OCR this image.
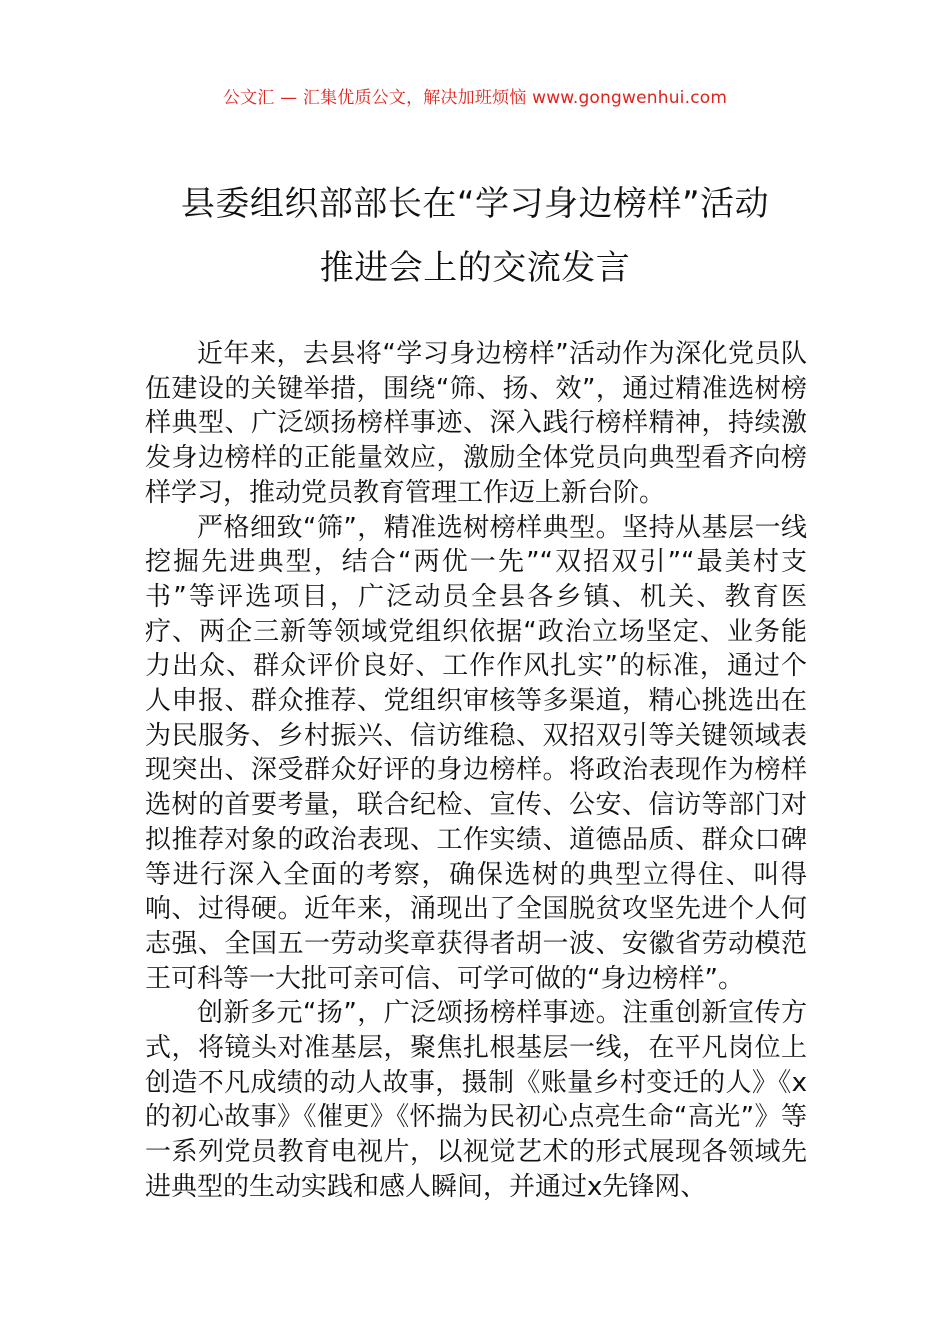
公文汇 — 汇集优质公文，解决加班烦恼 www.gongwenhui.com
县委组织部部长在“学习身边榜样”活动
推进会上的交流发言

近年来，去县将“学习身边榜样”活动作为深化党员队伍建设的关键举措，围绕“筛、扬、效”，通过精准选树榜样典型、广泛颂扬榜样事迹、深入践行榜样精神，持续激发身边榜样的正能量效应，激励全体党员向典型看齐向榜样学习，推动党员教育管理工作迈上新台阶。

严格细致“筛”，精准选树榜样典型。坚持从基层一线挖掘先进典型，结合“两优一先”“双招双引”“最美村支书”等评选项目，广泛动员全县各乡镇、机关、教育医疗、两企三新等领域党组织依据“政治立场坚定、业务能力出众、群众评价良好、工作作风扎实”的标准，通过个人申报、群众推荐、党组织审核等多渠道，精心挑选出在为民服务、乡村振兴、信访维稳、双招双引等关键领域表现突出、深受群众好评的身边榜样。将政治表现作为榜样选树的首要考量，联合纪检、宣传、公安、信访等部门对拟推荐对象的政治表现、工作实绩、道德品质、群众口碑等进行深入全面的考察，确保选树的典型立得住、叫得响、过得硬。近年来，涌现出了全国脱贫攻坚先进个人何志强、全国五一劳动奖章获得者胡一波、安徽省劳动模范王可科等一大批可亲可信、可学可做的“身边榜样”。

创新多元“扬”，广泛颂扬榜样事迹。注重创新宣传方式，将镜头对准基层，聚焦扎根基层一线，在平凡岗位上创造不凡成绩的动人故事，摄制《账量乡村变迁的人》《x的初心故事》《催更》《怀揣为民初心点亮生命“高光”》等一系列党员教育电视片，以视觉艺术的形式展现各领域先进典型的生动实践和感人瞬间，并通过x先锋网、
